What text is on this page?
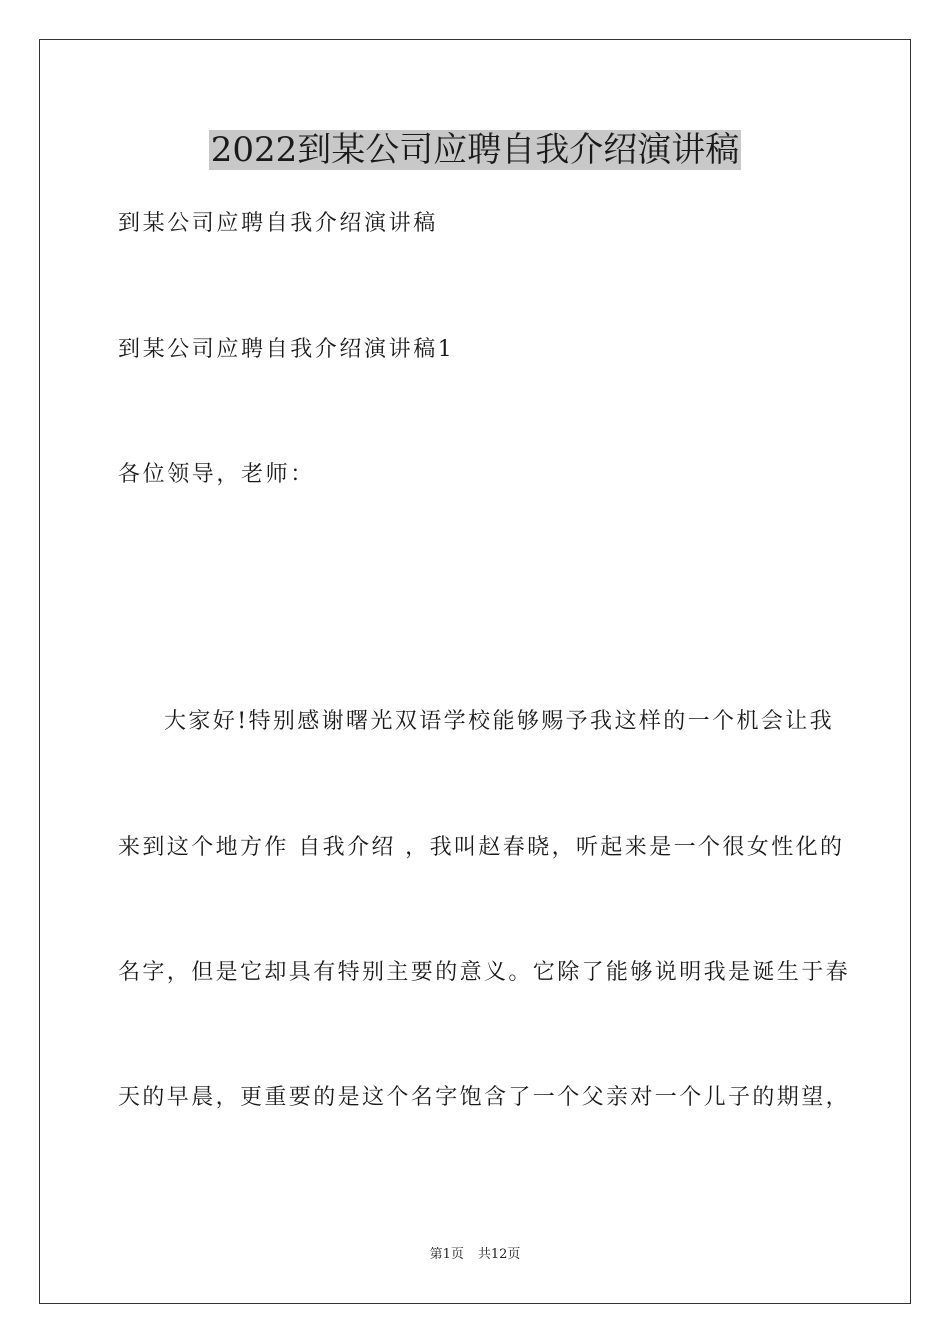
2022到某公司应聘自我介绍演讲稿
到某公司应聘自我介绍演讲稿
到某公司应聘自我介绍演讲稿1
各位领导，老师：
大家好!特别感谢曙光双语学校能够赐予我这样的一个机会让我
来到这个地方作 自我介绍 ，我叫赵春晓，听起来是一个很女性化的
名字，但是它却具有特别主要的意义。它除了能够说明我是诞生于春
天的早晨，更重要的是这个名字饱含了一个父亲对一个儿子的期望，
第1页 共12页
